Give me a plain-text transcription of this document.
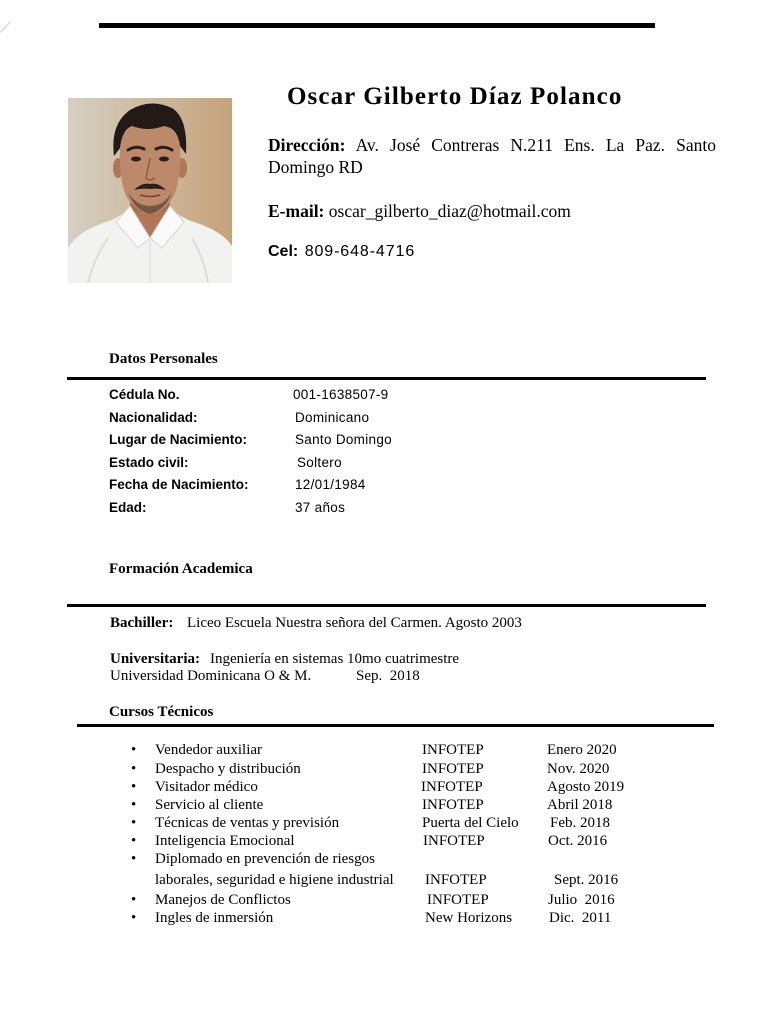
Oscar Gilberto Díaz Polanco

Dirección: Av. José Contreras N.211 Ens. La Paz. Santo Domingo RD

E-mail: oscar_gilberto_diaz@hotmail.com
Cel: 809-648-4716
Datos Personales
Cédula No.	001-1638507-9
Nacionalidad:	Dominicano
Lugar de Nacimiento:	Santo Domingo
Estado civil:	Soltero
Fecha de Nacimiento:	12/01/1984
Edad:	37 años
Formación Academica
Bachiller: Liceo Escuela Nuestra señora del Carmen. Agosto 2003
Universitaria: Ingeniería en sistemas 10mo cuatrimestre
Universidad Dominicana O & M.	Sep.  2018
Cursos Técnicos
• Vendedor auxiliar	INFOTEP	Enero 2020
• Despacho y distribución	INFOTEP	Nov. 2020
• Visitador médico	INFOTEP	Agosto 2019
• Servicio al cliente	INFOTEP	Abril 2018
• Técnicas de ventas y previsión	Puerta del Cielo Feb. 2018
• Inteligencia Emocional	INFOTEP	Oct. 2016
• Diplomado en prevención de riesgos
laborales, seguridad e higiene industrial INFOTEP	Sept. 2016
• Manejos de Conflictos	INFOTEP	Julio  2016
• Ingles de inmersión	New Horizons Dic.  2011
